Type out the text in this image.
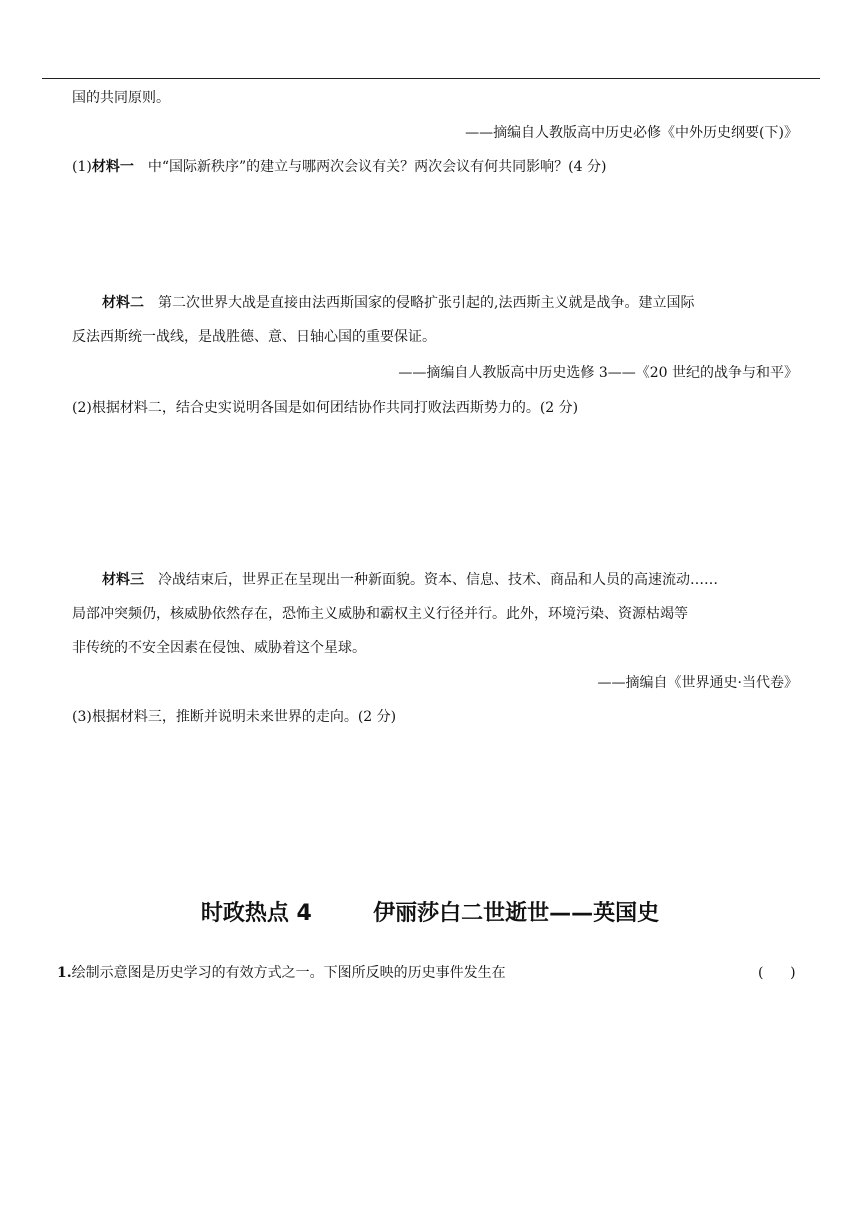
国的共同原则。
——摘编自人教版高中历史必修《中外历史纲要(下)》
(1)材料一 中“国际新秩序”的建立与哪两次会议有关？两次会议有何共同影响？(4 分)
材料二 第二次世界大战是直接由法西斯国家的侵略扩张引起的,法西斯主义就是战争。建立国际
反法西斯统一战线，是战胜德、意、日轴心国的重要保证。
——摘编自人教版高中历史选修 3——《20 世纪的战争与和平》
(2)根据材料二，结合史实说明各国是如何团结协作共同打败法西斯势力的。(2 分)
材料三 冷战结束后，世界正在呈现出一种新面貌。资本、信息、技术、商品和人员的高速流动……
局部冲突频仍，核威胁依然存在，恐怖主义威胁和霸权主义行径并行。此外，环境污染、资源枯竭等
非传统的不安全因素在侵蚀、威胁着这个星球。
——摘编自《世界通史·当代卷》
(3)根据材料三，推断并说明未来世界的走向。(2 分)
时政热点 4        伊丽莎白二世逝世——英国史
1.绘制示意图是历史学习的有效方式之一。下图所反映的历史事件发生在	(      )
